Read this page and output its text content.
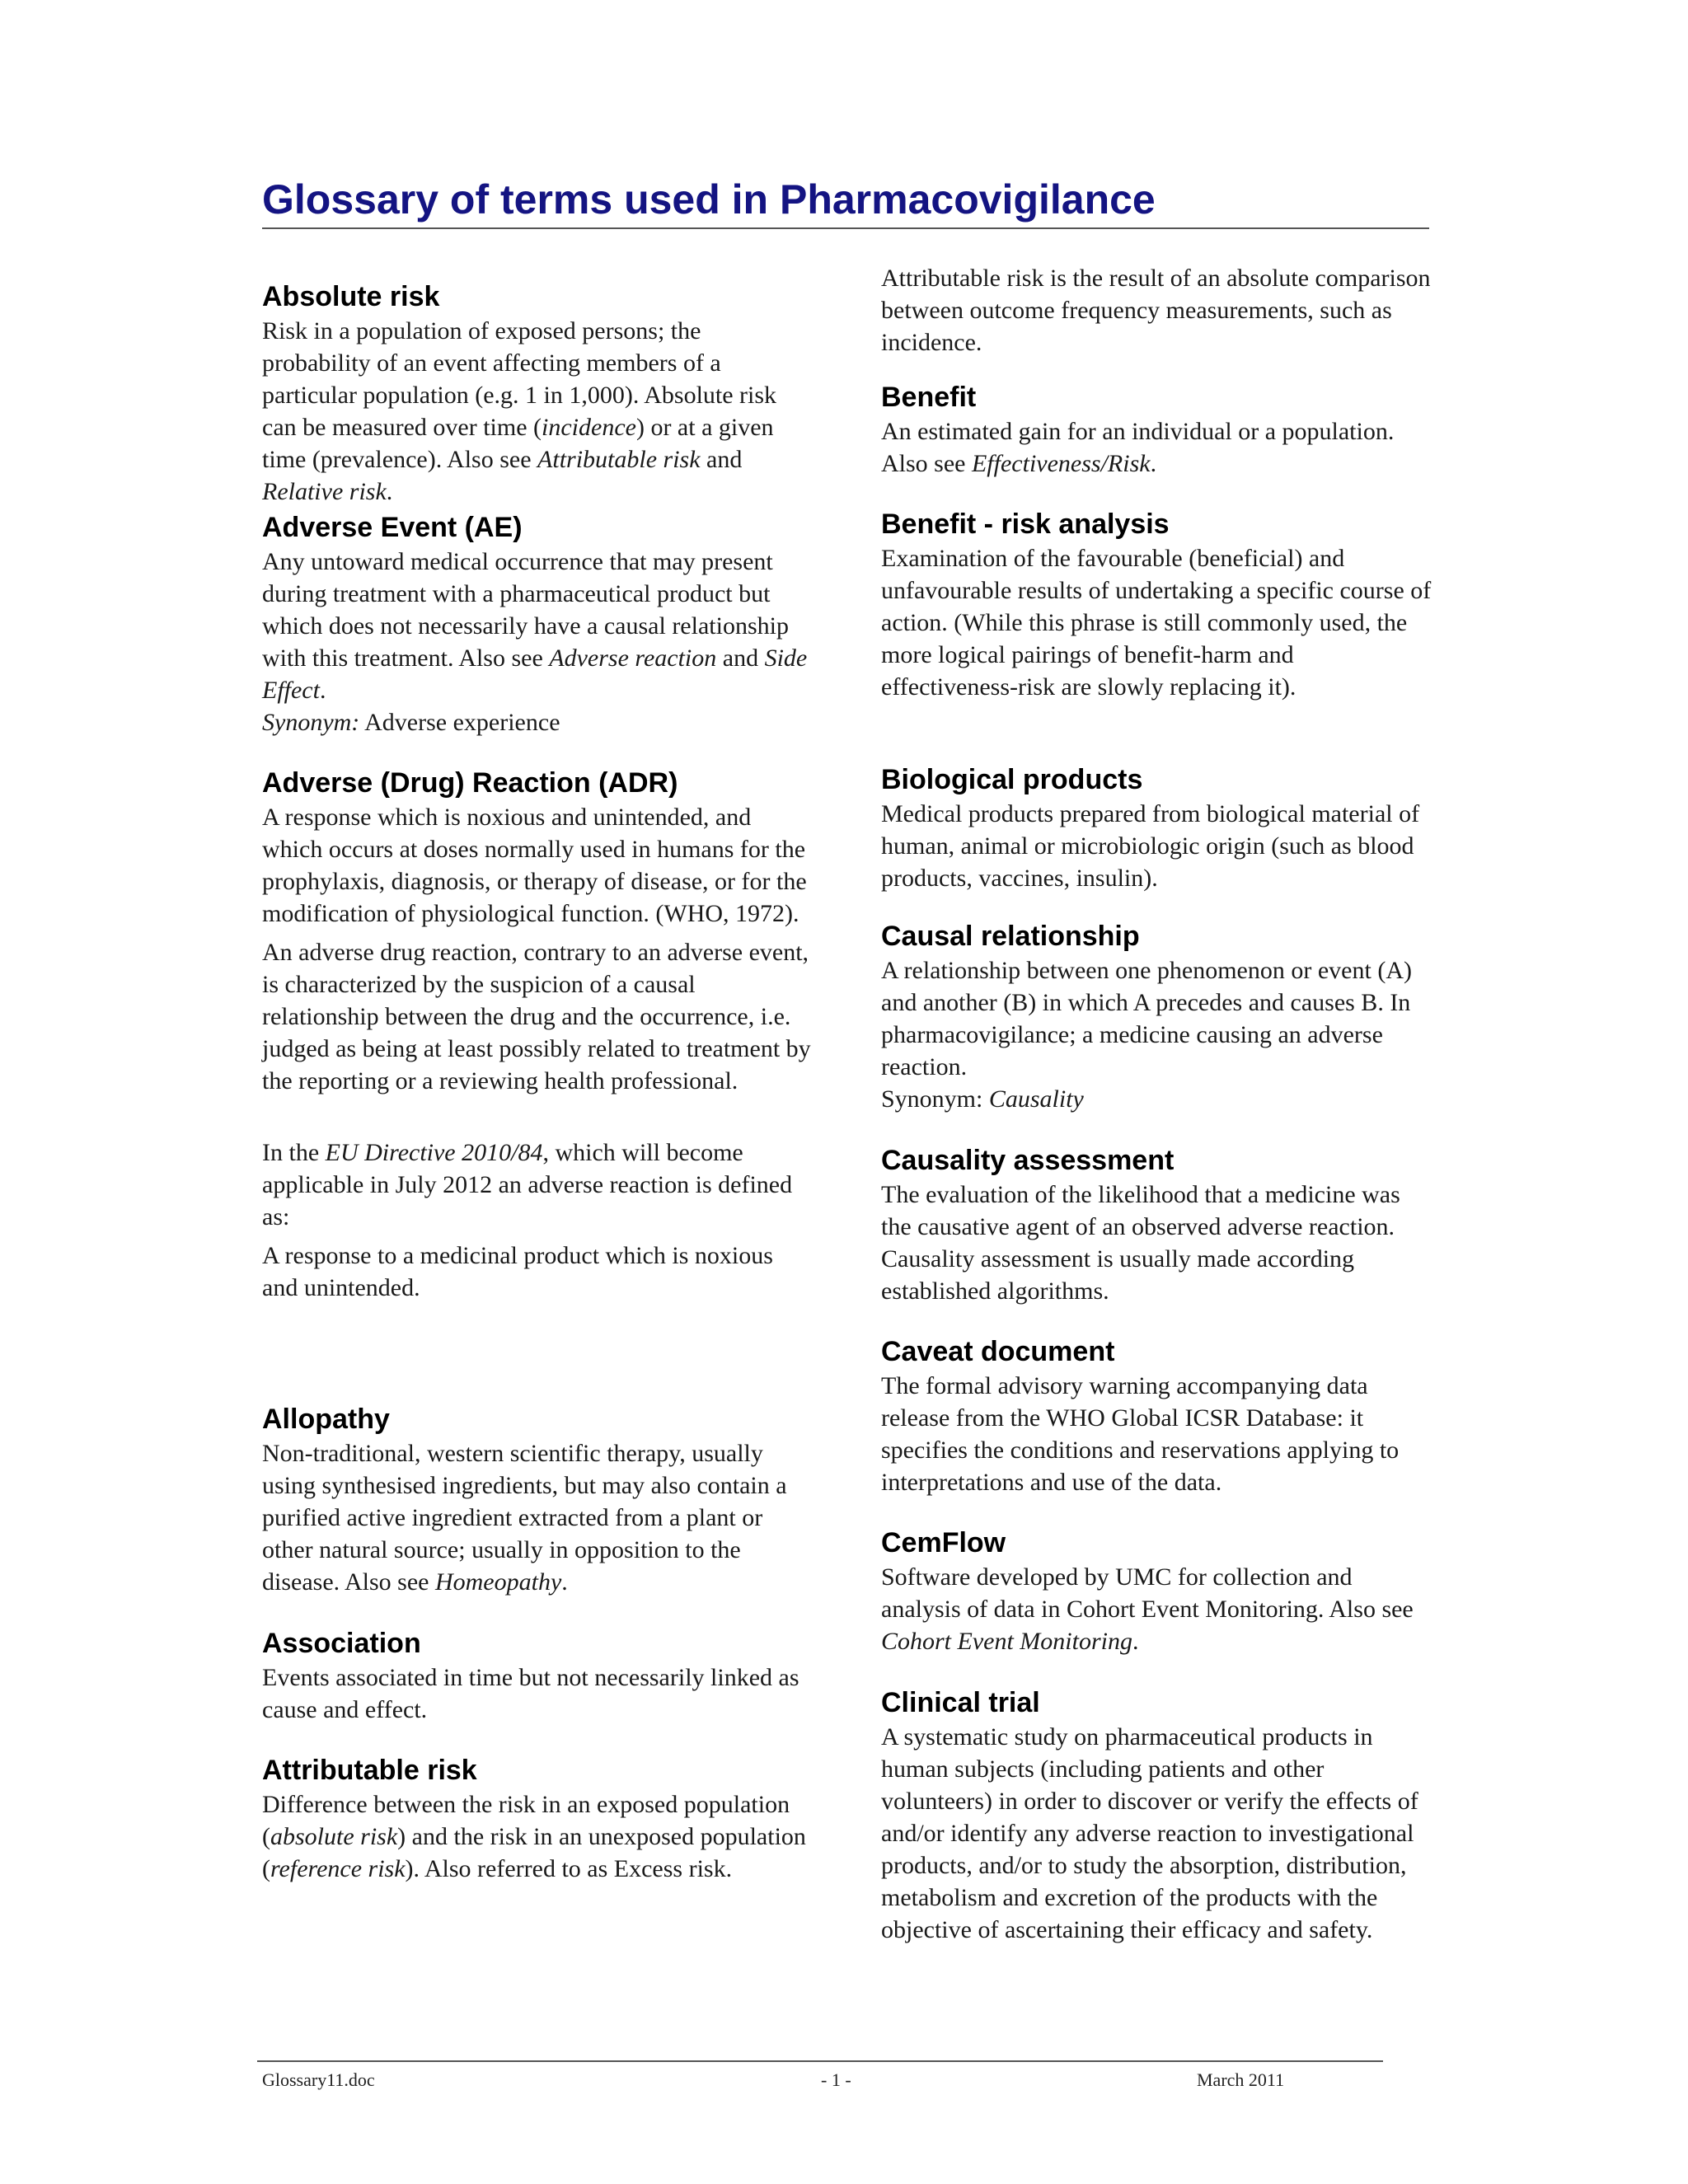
Glossary of terms used in Pharmacovigilance
Absolute risk

Risk in a population of exposed persons; the probability of an event affecting members of a particular population (e.g. 1 in 1,000). Absolute risk can be measured over time (incidence) or at a given time (prevalence). Also see Attributable risk and Relative risk.

Adverse Event (AE)

Any untoward medical occurrence that may present during treatment with a pharmaceutical product but which does not necessarily have a causal relationship with this treatment. Also see Adverse reaction and Side Effect.
Synonym: Adverse experience

Adverse (Drug) Reaction (ADR)

A response which is noxious and unintended, and which occurs at doses normally used in humans for the prophylaxis, diagnosis, or therapy of disease, or for the modification of physiological function. (WHO, 1972).

An adverse drug reaction, contrary to an adverse event, is characterized by the suspicion of a causal relationship between the drug and the occurrence, i.e. judged as being at least possibly related to treatment by the reporting or a reviewing health professional.

In the EU Directive 2010/84, which will become applicable in July 2012 an adverse reaction is defined as:

A response to a medicinal product which is noxious and unintended.

Allopathy

Non-traditional, western scientific therapy, usually using synthesised ingredients, but may also contain a purified active ingredient extracted from a plant or other natural source; usually in opposition to the disease. Also see Homeopathy.

Association

Events associated in time but not necessarily linked as cause and effect.

Attributable risk

Difference between the risk in an exposed population (absolute risk) and the risk in an unexposed population (reference risk). Also referred to as Excess risk.

Attributable risk is the result of an absolute comparison between outcome frequency measurements, such as incidence.

Benefit

An estimated gain for an individual or a population. Also see Effectiveness/Risk.

Benefit - risk analysis

Examination of the favourable (beneficial) and unfavourable results of undertaking a specific course of action. (While this phrase is still commonly used, the more logical pairings of benefit-harm and effectiveness-risk are slowly replacing it).

Biological products

Medical products prepared from biological material of human, animal or microbiologic origin (such as blood products, vaccines, insulin).

Causal relationship

A relationship between one phenomenon or event (A) and another (B) in which A precedes and causes B. In pharmacovigilance; a medicine causing an adverse reaction.
Synonym: Causality

Causality assessment

The evaluation of the likelihood that a medicine was the causative agent of an observed adverse reaction. Causality assessment is usually made according established algorithms.

Caveat document

The formal advisory warning accompanying data release from the WHO Global ICSR Database: it specifies the conditions and reservations applying to interpretations and use of the data.

CemFlow

Software developed by UMC for collection and analysis of data in Cohort Event Monitoring. Also see Cohort Event Monitoring.

Clinical trial

A systematic study on pharmaceutical products in human subjects (including patients and other volunteers) in order to discover or verify the effects of and/or identify any adverse reaction to investigational products, and/or to study the absorption, distribution, metabolism and excretion of the products with the objective of ascertaining their efficacy and safety.

Glossary11.doc	- 1 -	March 2011
